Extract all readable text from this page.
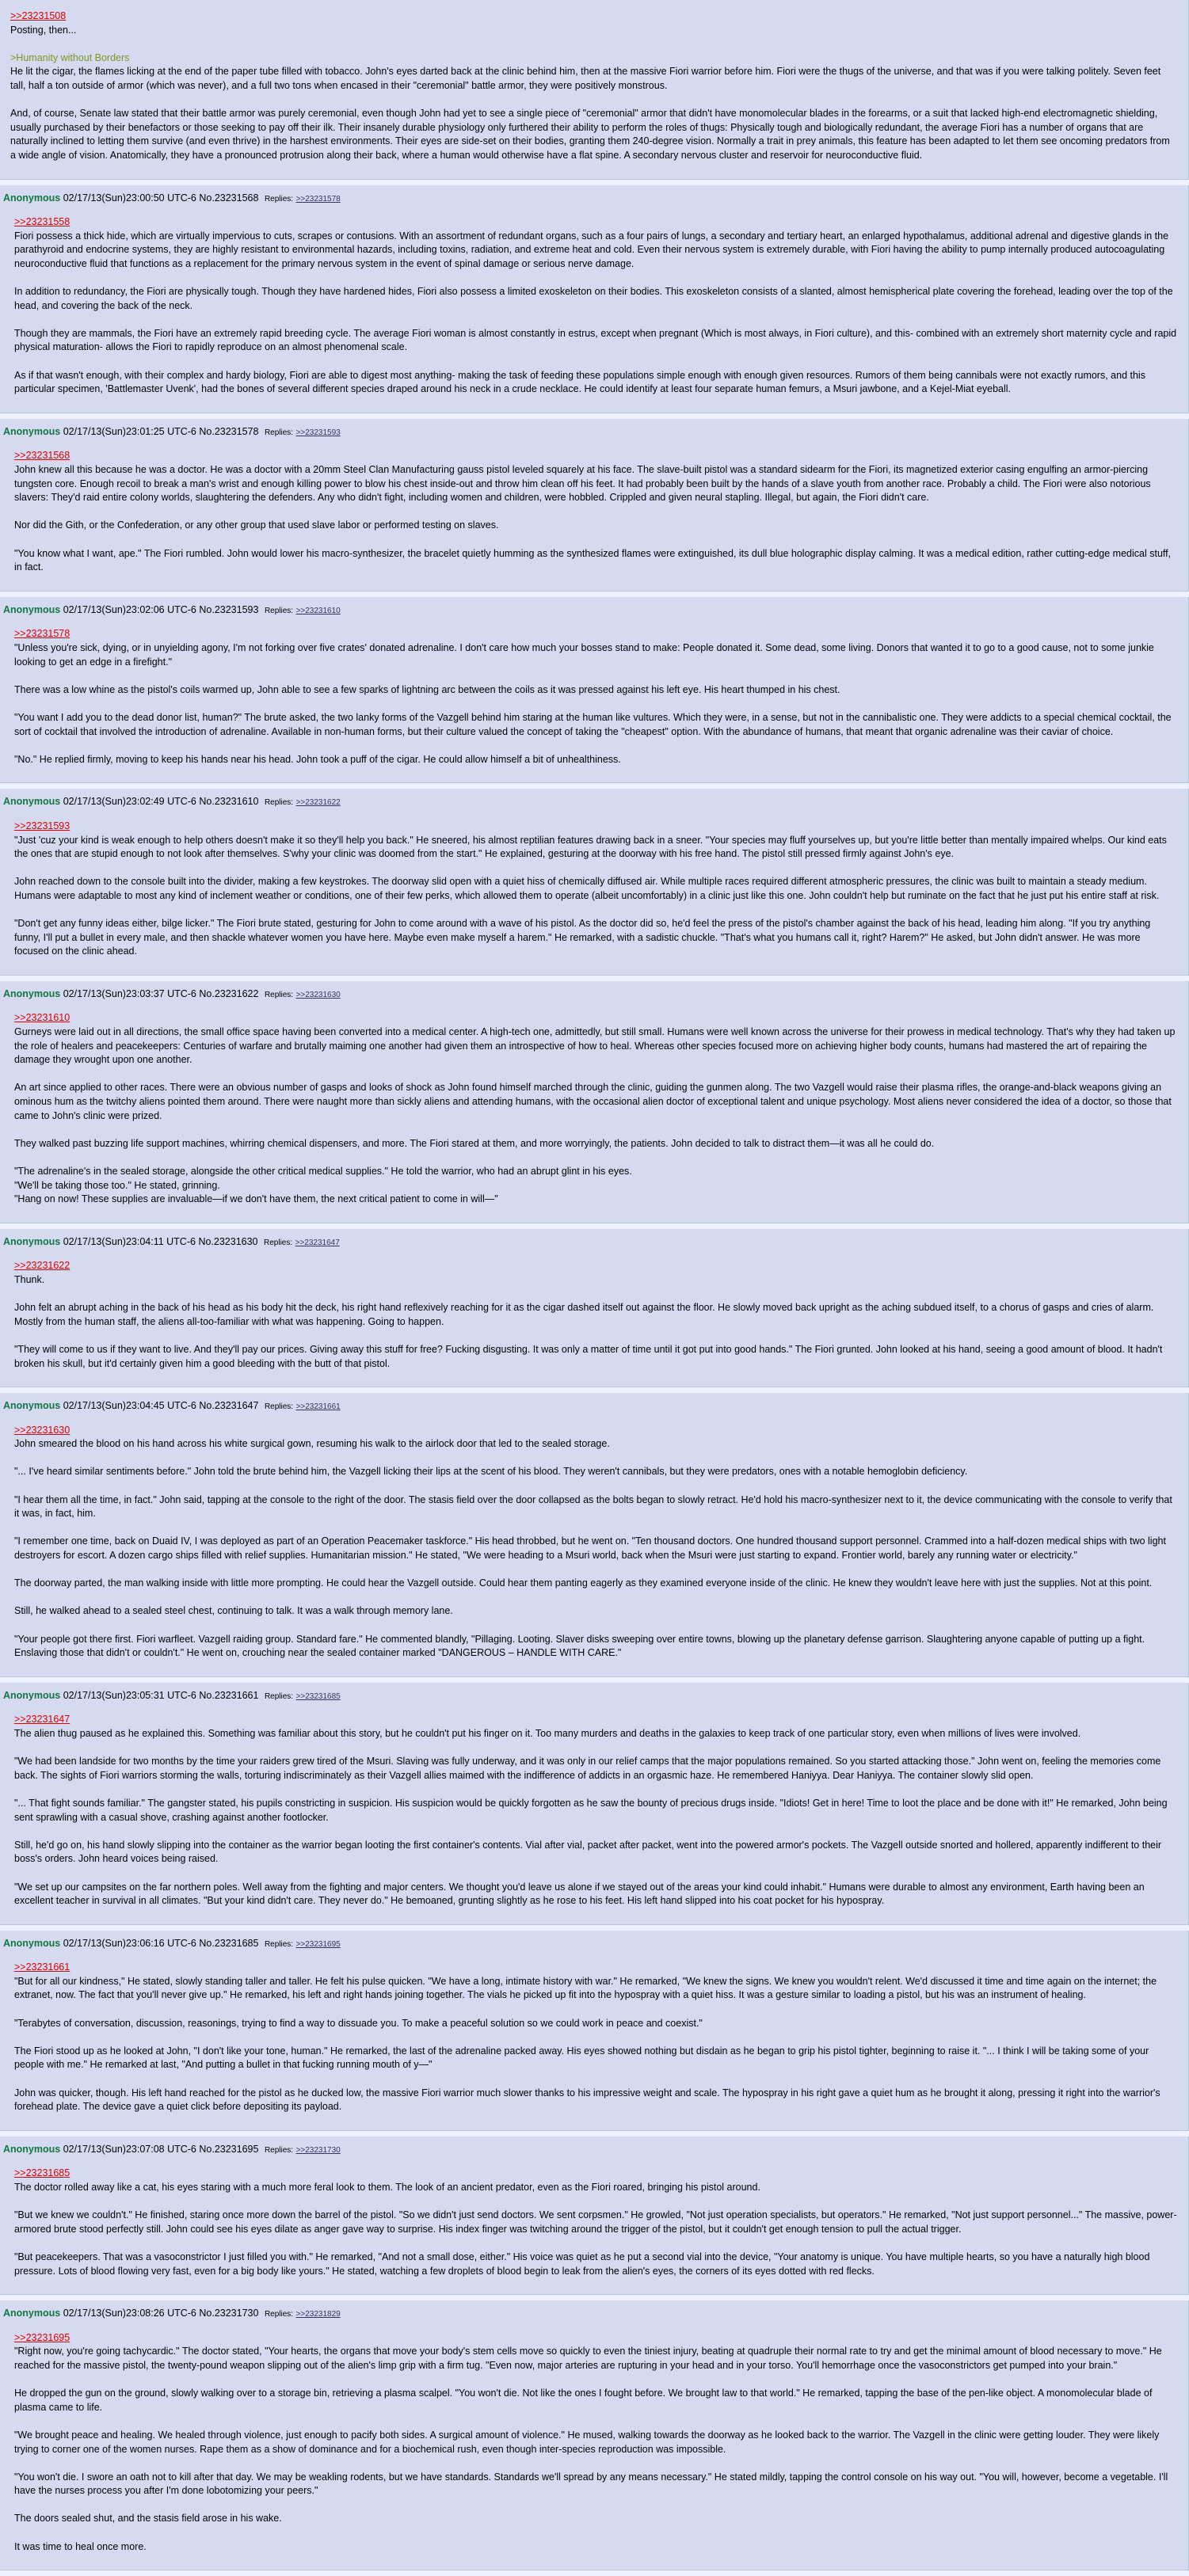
>>23231508
Posting, then...
>Humanity without Borders
He lit the cigar, the flames licking at the end of the paper tube filled with tobacco. John's eyes darted back at the clinic behind him, then at the massive Fiori warrior before him. Fiori were the thugs of the universe, and that was if you were talking politely. Seven feet tall, half a ton outside of armor (which was never), and a full two tons when encased in their "ceremonial" battle armor, they were positively monstrous.
And, of course, Senate law stated that their battle armor was purely ceremonial, even though John had yet to see a single piece of "ceremonial" armor that didn't have monomolecular blades in the forearms, or a suit that lacked high-end electromagnetic shielding, usually purchased by their benefactors or those seeking to pay off their ilk. Their insanely durable physiology only furthered their ability to perform the roles of thugs: Physically tough and biologically redundant, the average Fiori has a number of organs that are naturally inclined to letting them survive (and even thrive) in the harshest environments. Their eyes are side-set on their bodies, granting them 240-degree vision. Normally a trait in prey animals, this feature has been adapted to let them see oncoming predators from a wide angle of vision. Anatomically, they have a pronounced protrusion along their back, where a human would otherwise have a flat spine. A secondary nervous cluster and reservoir for neuroconductive fluid.
Anonymous 02/17/13(Sun)23:00:50 UTC-6 No.23231568 Replies: >>23231578
>>23231558
Fiori possess a thick hide, which are virtually impervious to cuts, scrapes or contusions. With an assortment of redundant organs, such as a four pairs of lungs, a secondary and tertiary heart, an enlarged hypothalamus, additional adrenal and digestive glands in the parathyroid and endocrine systems, they are highly resistant to environmental hazards, including toxins, radiation, and extreme heat and cold. Even their nervous system is extremely durable, with Fiori having the ability to pump internally produced autocoagulating neuroconductive fluid that functions as a replacement for the primary nervous system in the event of spinal damage or serious nerve damage.
In addition to redundancy, the Fiori are physically tough. Though they have hardened hides, Fiori also possess a limited exoskeleton on their bodies. This exoskeleton consists of a slanted, almost hemispherical plate covering the forehead, leading over the top of the head, and covering the back of the neck.
Though they are mammals, the Fiori have an extremely rapid breeding cycle. The average Fiori woman is almost constantly in estrus, except when pregnant (Which is most always, in Fiori culture), and this- combined with an extremely short maternity cycle and rapid physical maturation- allows the Fiori to rapidly reproduce on an almost phenomenal scale.
As if that wasn't enough, with their complex and hardy biology, Fiori are able to digest most anything- making the task of feeding these populations simple enough with enough given resources. Rumors of them being cannibals were not exactly rumors, and this particular specimen, 'Battlemaster Uvenk', had the bones of several different species draped around his neck in a crude necklace. He could identify at least four separate human femurs, a Msuri jawbone, and a Kejel-Miat eyeball.
Anonymous 02/17/13(Sun)23:01:25 UTC-6 No.23231578 Replies: >>23231593
>>23231568
John knew all this because he was a doctor. He was a doctor with a 20mm Steel Clan Manufacturing gauss pistol leveled squarely at his face. The slave-built pistol was a standard sidearm for the Fiori, its magnetized exterior casing engulfing an armor-piercing tungsten core. Enough recoil to break a man's wrist and enough killing power to blow his chest inside-out and throw him clean off his feet. It had probably been built by the hands of a slave youth from another race. Probably a child. The Fiori were also notorious slavers: They'd raid entire colony worlds, slaughtering the defenders. Any who didn't fight, including women and children, were hobbled. Crippled and given neural stapling. Illegal, but again, the Fiori didn't care.
Nor did the Gith, or the Confederation, or any other group that used slave labor or performed testing on slaves.
"You know what I want, ape." The Fiori rumbled. John would lower his macro-synthesizer, the bracelet quietly humming as the synthesized flames were extinguished, its dull blue holographic display calming. It was a medical edition, rather cutting-edge medical stuff, in fact.
Anonymous 02/17/13(Sun)23:02:06 UTC-6 No.23231593 Replies: >>23231610
>>23231578
"Unless you're sick, dying, or in unyielding agony, I'm not forking over five crates' donated adrenaline. I don't care how much your bosses stand to make: People donated it. Some dead, some living. Donors that wanted it to go to a good cause, not to some junkie looking to get an edge in a firefight."
There was a low whine as the pistol's coils warmed up, John able to see a few sparks of lightning arc between the coils as it was pressed against his left eye. His heart thumped in his chest.
"You want I add you to the dead donor list, human?" The brute asked, the two lanky forms of the Vazgell behind him staring at the human like vultures. Which they were, in a sense, but not in the cannibalistic one. They were addicts to a special chemical cocktail, the sort of cocktail that involved the introduction of adrenaline. Available in non-human forms, but their culture valued the concept of taking the "cheapest" option. With the abundance of humans, that meant that organic adrenaline was their caviar of choice.
"No." He replied firmly, moving to keep his hands near his head. John took a puff of the cigar. He could allow himself a bit of unhealthiness.
Anonymous 02/17/13(Sun)23:02:49 UTC-6 No.23231610 Replies: >>23231622
>>23231593
"Just 'cuz your kind is weak enough to help others doesn't make it so they'll help you back." He sneered, his almost reptilian features drawing back in a sneer. "Your species may fluff yourselves up, but you're little better than mentally impaired whelps. Our kind eats the ones that are stupid enough to not look after themselves. S'why your clinic was doomed from the start." He explained, gesturing at the doorway with his free hand. The pistol still pressed firmly against John's eye.
John reached down to the console built into the divider, making a few keystrokes. The doorway slid open with a quiet hiss of chemically diffused air. While multiple races required different atmospheric pressures, the clinic was built to maintain a steady medium. Humans were adaptable to most any kind of inclement weather or conditions, one of their few perks, which allowed them to operate (albeit uncomfortably) in a clinic just like this one. John couldn't help but ruminate on the fact that he just put his entire staff at risk.
"Don't get any funny ideas either, bilge licker." The Fiori brute stated, gesturing for John to come around with a wave of his pistol. As the doctor did so, he'd feel the press of the pistol's chamber against the back of his head, leading him along. "If you try anything funny, I'll put a bullet in every male, and then shackle whatever women you have here. Maybe even make myself a harem." He remarked, with a sadistic chuckle. "That's what you humans call it, right? Harem?" He asked, but John didn't answer. He was more focused on the clinic ahead.
Anonymous 02/17/13(Sun)23:03:37 UTC-6 No.23231622 Replies: >>23231630
>>23231610
Gurneys were laid out in all directions, the small office space having been converted into a medical center. A high-tech one, admittedly, but still small. Humans were well known across the universe for their prowess in medical technology. That's why they had taken up the role of healers and peacekeepers: Centuries of warfare and brutally maiming one another had given them an introspective of how to heal. Whereas other species focused more on achieving higher body counts, humans had mastered the art of repairing the damage they wrought upon one another.
An art since applied to other races. There were an obvious number of gasps and looks of shock as John found himself marched through the clinic, guiding the gunmen along. The two Vazgell would raise their plasma rifles, the orange-and-black weapons giving an ominous hum as the twitchy aliens pointed them around. There were naught more than sickly aliens and attending humans, with the occasional alien doctor of exceptional talent and unique psychology. Most aliens never considered the idea of a doctor, so those that came to John's clinic were prized.
They walked past buzzing life support machines, whirring chemical dispensers, and more. The Fiori stared at them, and more worryingly, the patients. John decided to talk to distract them—it was all he could do.
"The adrenaline's in the sealed storage, alongside the other critical medical supplies." He told the warrior, who had an abrupt glint in his eyes.
"We'll be taking those too." He stated, grinning.
"Hang on now! These supplies are invaluable—if we don't have them, the next critical patient to come in will—"
Anonymous 02/17/13(Sun)23:04:11 UTC-6 No.23231630 Replies: >>23231647
>>23231622
Thunk.
John felt an abrupt aching in the back of his head as his body hit the deck, his right hand reflexively reaching for it as the cigar dashed itself out against the floor. He slowly moved back upright as the aching subdued itself, to a chorus of gasps and cries of alarm. Mostly from the human staff, the aliens all-too-familiar with what was happening. Going to happen.
"They will come to us if they want to live. And they'll pay our prices. Giving away this stuff for free? Fucking disgusting. It was only a matter of time until it got put into good hands." The Fiori grunted. John looked at his hand, seeing a good amount of blood. It hadn't broken his skull, but it'd certainly given him a good bleeding with the butt of that pistol.
Anonymous 02/17/13(Sun)23:04:45 UTC-6 No.23231647 Replies: >>23231661
>>23231630
John smeared the blood on his hand across his white surgical gown, resuming his walk to the airlock door that led to the sealed storage.
"... I've heard similar sentiments before." John told the brute behind him, the Vazgell licking their lips at the scent of his blood. They weren't cannibals, but they were predators, ones with a notable hemoglobin deficiency.
"I hear them all the time, in fact." John said, tapping at the console to the right of the door. The stasis field over the door collapsed as the bolts began to slowly retract. He'd hold his macro-synthesizer next to it, the device communicating with the console to verify that it was, in fact, him.
"I remember one time, back on Duaid IV, I was deployed as part of an Operation Peacemaker taskforce." His head throbbed, but he went on. "Ten thousand doctors. One hundred thousand support personnel. Crammed into a half-dozen medical ships with two light destroyers for escort. A dozen cargo ships filled with relief supplies. Humanitarian mission." He stated, "We were heading to a Msuri world, back when the Msuri were just starting to expand. Frontier world, barely any running water or electricity."
The doorway parted, the man walking inside with little more prompting. He could hear the Vazgell outside. Could hear them panting eagerly as they examined everyone inside of the clinic. He knew they wouldn't leave here with just the supplies. Not at this point.
Still, he walked ahead to a sealed steel chest, continuing to talk. It was a walk through memory lane.
"Your people got there first. Fiori warfleet. Vazgell raiding group. Standard fare." He commented blandly, "Pillaging. Looting. Slaver disks sweeping over entire towns, blowing up the planetary defense garrison. Slaughtering anyone capable of putting up a fight. Enslaving those that didn't or couldn't." He went on, crouching near the sealed container marked "DANGEROUS – HANDLE WITH CARE."
Anonymous 02/17/13(Sun)23:05:31 UTC-6 No.23231661 Replies: >>23231685
>>23231647
The alien thug paused as he explained this. Something was familiar about this story, but he couldn't put his finger on it. Too many murders and deaths in the galaxies to keep track of one particular story, even when millions of lives were involved.
"We had been landside for two months by the time your raiders grew tired of the Msuri. Slaving was fully underway, and it was only in our relief camps that the major populations remained. So you started attacking those." John went on, feeling the memories come back. The sights of Fiori warriors storming the walls, torturing indiscriminately as their Vazgell allies maimed with the indifference of addicts in an orgasmic haze. He remembered Haniyya. Dear Haniyya. The container slowly slid open.
"... That fight sounds familiar." The gangster stated, his pupils constricting in suspicion. His suspicion would be quickly forgotten as he saw the bounty of precious drugs inside. "Idiots! Get in here! Time to loot the place and be done with it!" He remarked, John being sent sprawling with a casual shove, crashing against another footlocker.
Still, he'd go on, his hand slowly slipping into the container as the warrior began looting the first container's contents. Vial after vial, packet after packet, went into the powered armor's pockets. The Vazgell outside snorted and hollered, apparently indifferent to their boss's orders. John heard voices being raised.
"We set up our campsites on the far northern poles. Well away from the fighting and major centers. We thought you'd leave us alone if we stayed out of the areas your kind could inhabit." Humans were durable to almost any environment, Earth having been an excellent teacher in survival in all climates. "But your kind didn't care. They never do." He bemoaned, grunting slightly as he rose to his feet. His left hand slipped into his coat pocket for his hypospray.
Anonymous 02/17/13(Sun)23:06:16 UTC-6 No.23231685 Replies: >>23231695
>>23231661
"But for all our kindness," He stated, slowly standing taller and taller. He felt his pulse quicken. "We have a long, intimate history with war." He remarked, "We knew the signs. We knew you wouldn't relent. We'd discussed it time and time again on the internet; the extranet, now. The fact that you'll never give up." He remarked, his left and right hands joining together. The vials he picked up fit into the hypospray with a quiet hiss. It was a gesture similar to loading a pistol, but his was an instrument of healing.
"Terabytes of conversation, discussion, reasonings, trying to find a way to dissuade you. To make a peaceful solution so we could work in peace and coexist."
The Fiori stood up as he looked at John, "I don't like your tone, human." He remarked, the last of the adrenaline packed away. His eyes showed nothing but disdain as he began to grip his pistol tighter, beginning to raise it. "... I think I will be taking some of your people with me." He remarked at last, "And putting a bullet in that fucking running mouth of y—"
John was quicker, though. His left hand reached for the pistol as he ducked low, the massive Fiori warrior much slower thanks to his impressive weight and scale. The hypospray in his right gave a quiet hum as he brought it along, pressing it right into the warrior's forehead plate. The device gave a quiet click before depositing its payload.
Anonymous 02/17/13(Sun)23:07:08 UTC-6 No.23231695 Replies: >>23231730
>>23231685
The doctor rolled away like a cat, his eyes staring with a much more feral look to them. The look of an ancient predator, even as the Fiori roared, bringing his pistol around.
"But we knew we couldn't." He finished, staring once more down the barrel of the pistol. "So we didn't just send doctors. We sent corpsmen." He growled, "Not just operation specialists, but operators." He remarked, "Not just support personnel..." The massive, power-armored brute stood perfectly still. John could see his eyes dilate as anger gave way to surprise. His index finger was twitching around the trigger of the pistol, but it couldn't get enough tension to pull the actual trigger.
"But peacekeepers. That was a vasoconstrictor I just filled you with." He remarked, "And not a small dose, either." His voice was quiet as he put a second vial into the device, "Your anatomy is unique. You have multiple hearts, so you have a naturally high blood pressure. Lots of blood flowing very fast, even for a big body like yours." He stated, watching a few droplets of blood begin to leak from the alien's eyes, the corners of its eyes dotted with red flecks.
Anonymous 02/17/13(Sun)23:08:26 UTC-6 No.23231730 Replies: >>23231829
>>23231695
"Right now, you're going tachycardic." The doctor stated, "Your hearts, the organs that move your body's stem cells move so quickly to even the tiniest injury, beating at quadruple their normal rate to try and get the minimal amount of blood necessary to move." He reached for the massive pistol, the twenty-pound weapon slipping out of the alien's limp grip with a firm tug. "Even now, major arteries are rupturing in your head and in your torso. You'll hemorrhage once the vasoconstrictors get pumped into your brain."
He dropped the gun on the ground, slowly walking over to a storage bin, retrieving a plasma scalpel. "You won't die. Not like the ones I fought before. We brought law to that world." He remarked, tapping the base of the pen-like object. A monomolecular blade of plasma came to life.
"We brought peace and healing. We healed through violence, just enough to pacify both sides. A surgical amount of violence." He mused, walking towards the doorway as he looked back to the warrior. The Vazgell in the clinic were getting louder. They were likely trying to corner one of the women nurses. Rape them as a show of dominance and for a biochemical rush, even though inter-species reproduction was impossible.
"You won't die. I swore an oath not to kill after that day. We may be weakling rodents, but we have standards. Standards we'll spread by any means necessary." He stated mildly, tapping the control console on his way out. "You will, however, become a vegetable. I'll have the nurses process you after I'm done lobotomizing your peers."
The doors sealed shut, and the stasis field arose in his wake.
It was time to heal once more.
